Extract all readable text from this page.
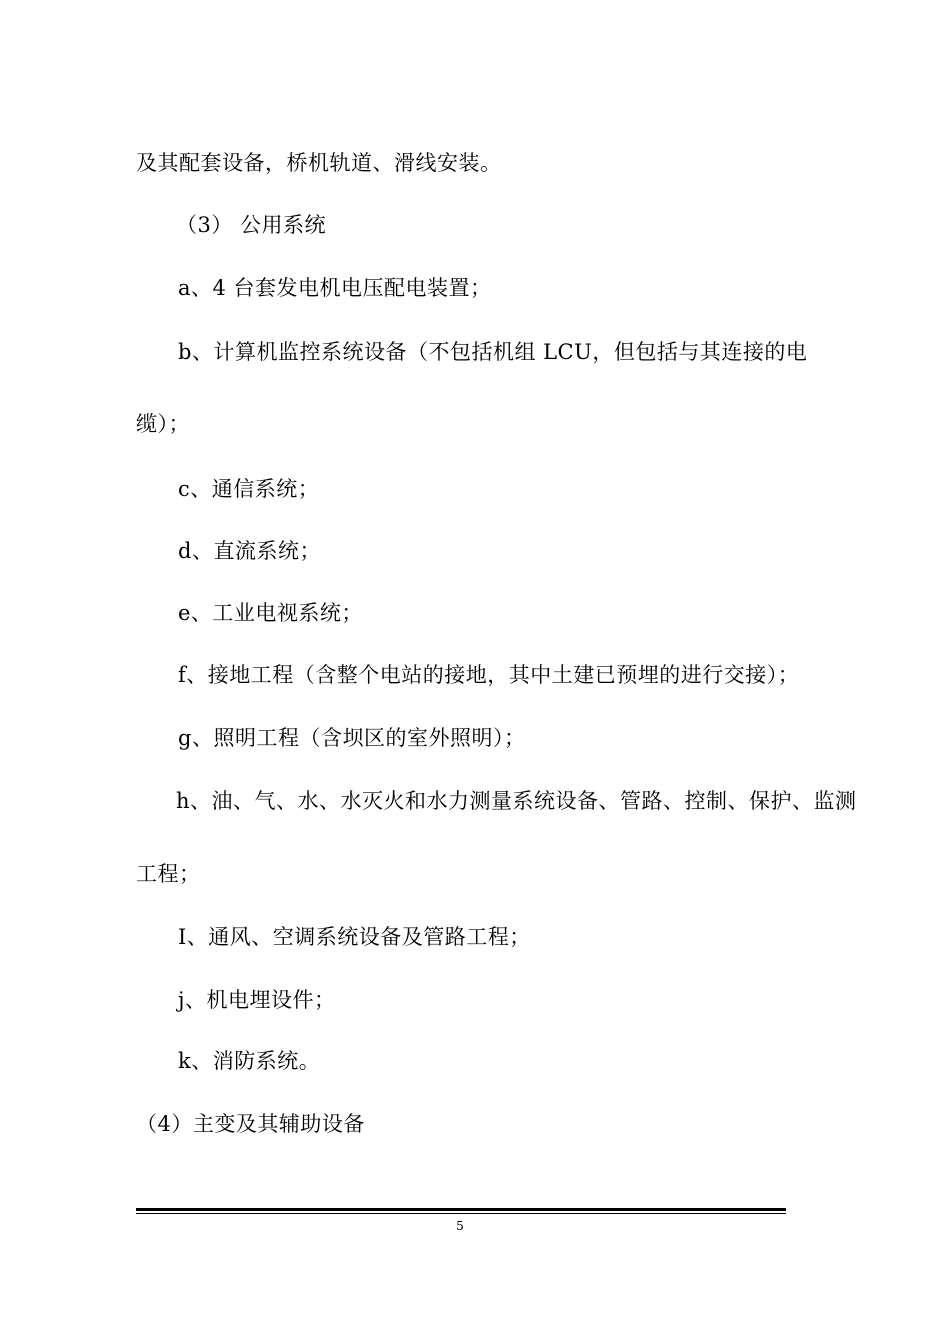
及其配套设备，桥机轨道、滑线安装。

（3） 公用系统

a、4 台套发电机电压配电装置；

b、计算机监控系统设备（不包括机组 LCU，但包括与其连接的电

缆）；

c、通信系统；

d、直流系统；

e、工业电视系统；

f、接地工程（含整个电站的接地，其中土建已预埋的进行交接）；

g、照明工程（含坝区的室外照明）；

h、油、气、水、水灭火和水力测量系统设备、管路、控制、保护、监测

工程；

I、通风、空调系统设备及管路工程；

j、机电埋设件；

k、消防系统。

（4）主变及其辅助设备

5
